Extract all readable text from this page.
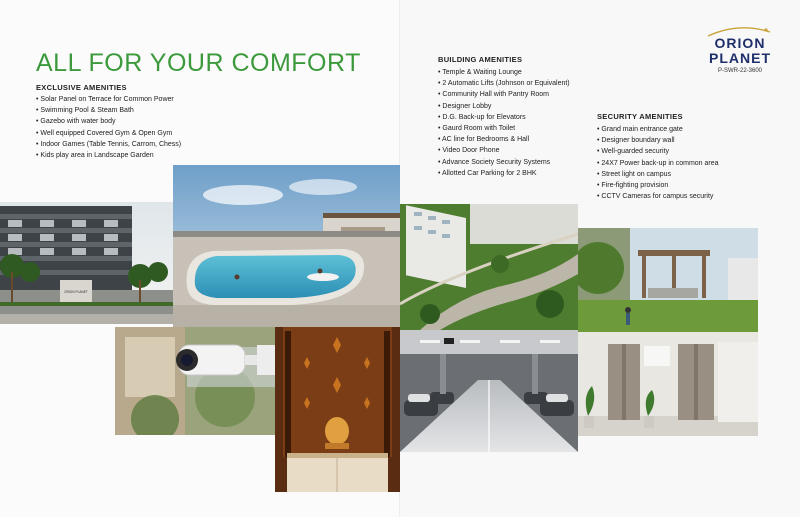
ALL FOR YOUR COMFORT
EXCLUSIVE AMENITIES
• Solar Panel on Terrace for Common Power
• Swimming Pool & Steam Bath
• Gazebo with water body
• Well equipped Covered Gym & Open Gym
• Indoor Games (Table Tennis, Carrom, Chess)
• Kids play area in Landscape Garden
BUILDING AMENITIES
• Temple & Waiting Lounge
• 2 Automatic Lifts (Johnson or Equivalent)
• Community Hall with Pantry Room
• Designer Lobby
• D.G. Back-up for Elevators
• Gaurd Room with Toilet
• AC line for Bedrooms & Hall
• Video Door Phone
• Advance Society Security Systems
• Allotted Car Parking for 2 BHK
SECURITY AMENITIES
• Grand main entrance gate
• Designer boundary wall
• Well-guarded security
• 24X7 Power back-up in common area
• Street light on campus
• Fire-fighting provision
• CCTV Cameras for campus security
ORION
PLANET
P-SWR-22-3600
ORION PLANET
